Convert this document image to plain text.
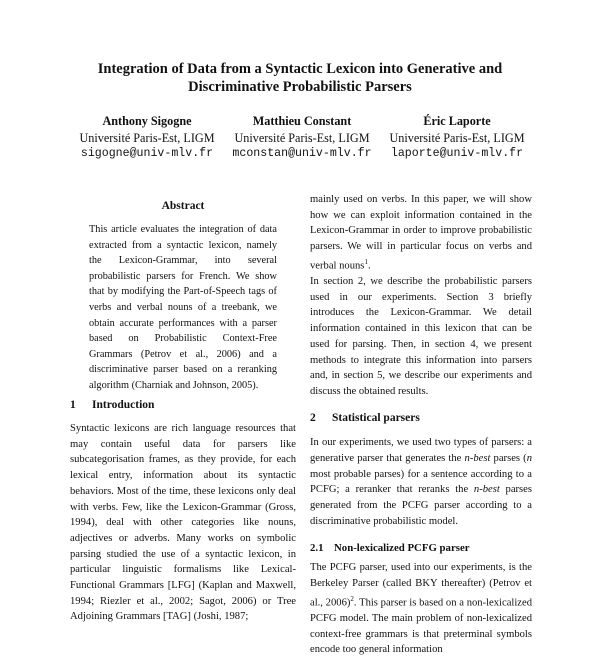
Integration of Data from a Syntactic Lexicon into Generative and Discriminative Probabilistic Parsers
Anthony Sigogne
Université Paris-Est, LIGM
sigogne@univ-mlv.fr
Matthieu Constant
Université Paris-Est, LIGM
mconstan@univ-mlv.fr
Éric Laporte
Université Paris-Est, LIGM
laporte@univ-mlv.fr
Abstract

This article evaluates the integration of data extracted from a syntactic lexicon, namely the Lexicon-Grammar, into several probabilistic parsers for French. We show that by modifying the Part-of-Speech tags of verbs and verbal nouns of a treebank, we obtain accurate performances with a parser based on Probabilistic Context-Free Grammars (Petrov et al., 2006) and a discriminative parser based on a reranking algorithm (Charniak and Johnson, 2005).

1 Introduction

Syntactic lexicons are rich language resources that may contain useful data for parsers like subcategorisation frames, as they provide, for each lexical entry, information about its syntactic behaviors. Most of the time, these lexicons only deal with verbs. Few, like the Lexicon-Grammar (Gross, 1994), deal with other categories like nouns, adjectives or adverbs. Many works on symbolic parsing studied the use of a syntactic lexicon, in particular linguistic formalisms like Lexical-Functional Grammars [LFG] (Kaplan and Maxwell, 1994; Riezler et al., 2002; Sagot, 2006) or Tree Adjoining Grammars [TAG] (Joshi, 1987;

mainly used on verbs. In this paper, we will show how we can exploit information contained in the Lexicon-Grammar in order to improve probabilistic parsers. We will in particular focus on verbs and verbal nouns$^1$.

In section 2, we describe the probabilistic parsers used in our experiments. Section 3 briefly introduces the Lexicon-Grammar. We detail information contained in this lexicon that can be used for parsing. Then, in section 4, we present methods to integrate this information into parsers and, in section 5, we describe our experiments and discuss the obtained results.

2 Statistical parsers

In our experiments, we used two types of parsers: a generative parser that generates the n-best parses (n most probable parses) for a sentence according to a PCFG; a reranker that reranks the n-best parses generated from the PCFG parser according to a discriminative probabilistic model.

2.1 Non-lexicalized PCFG parser

The PCFG parser, used into our experiments, is the Berkeley Parser (called BKY thereafter) (Petrov et al., 2006)$^2$. This parser is based on a non-lexicalized PCFG model. The main problem of non-lexicalized context-free grammars is that preterminal symbols encode too general information
